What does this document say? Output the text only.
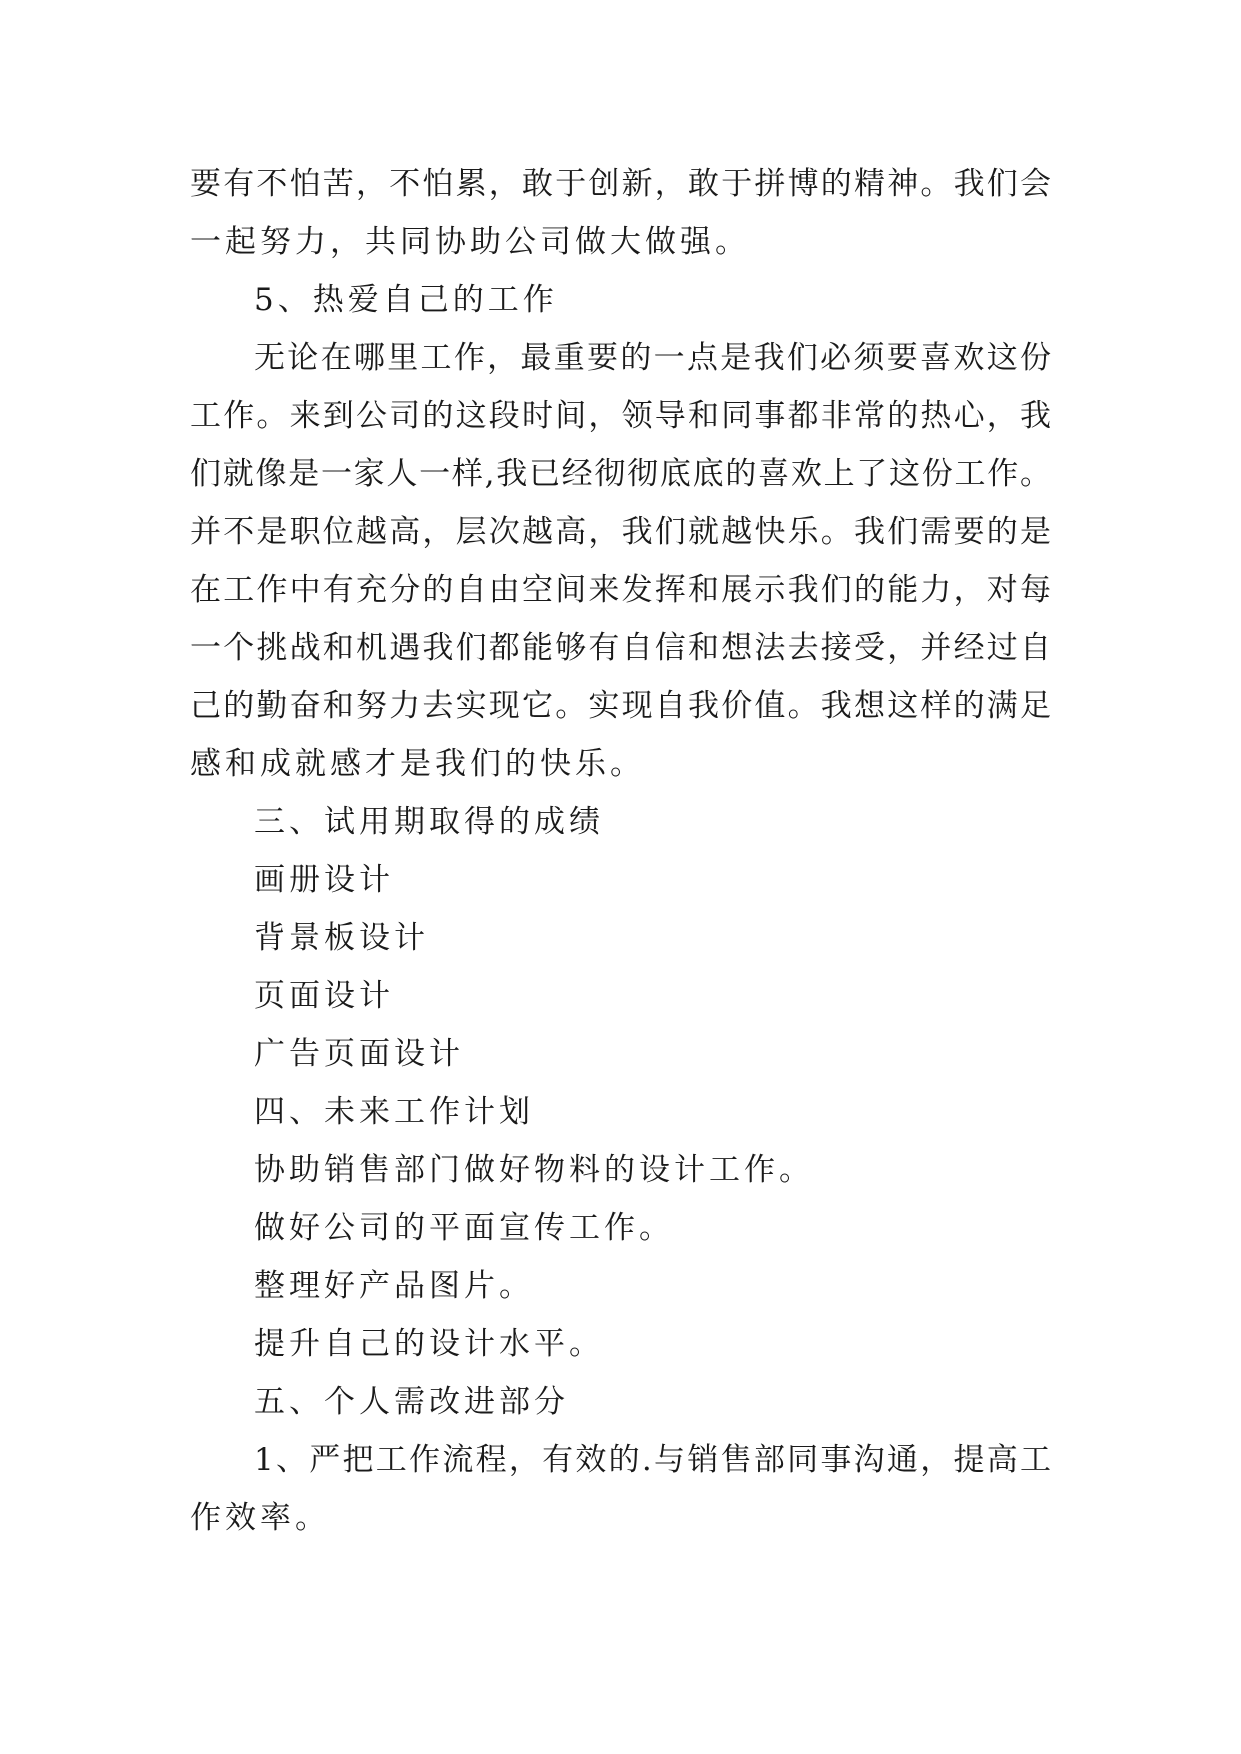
要有不怕苦，不怕累，敢于创新，敢于拼博的精神。我们会
一起努力，共同协助公司做大做强。
5、热爱自己的工作
无论在哪里工作，最重要的一点是我们必须要喜欢这份
工作。来到公司的这段时间，领导和同事都非常的热心，我
们就像是一家人一样,我已经彻彻底底的喜欢上了这份工作。
并不是职位越高，层次越高，我们就越快乐。我们需要的是
在工作中有充分的自由空间来发挥和展示我们的能力，对每
一个挑战和机遇我们都能够有自信和想法去接受，并经过自
己的勤奋和努力去实现它。实现自我价值。我想这样的满足
感和成就感才是我们的快乐。
三、试用期取得的成绩
画册设计
背景板设计
页面设计
广告页面设计
四、未来工作计划
协助销售部门做好物料的设计工作。
做好公司的平面宣传工作。
整理好产品图片。
提升自己的设计水平。
五、个人需改进部分
1、严把工作流程，有效的.与销售部同事沟通，提高工
作效率。
